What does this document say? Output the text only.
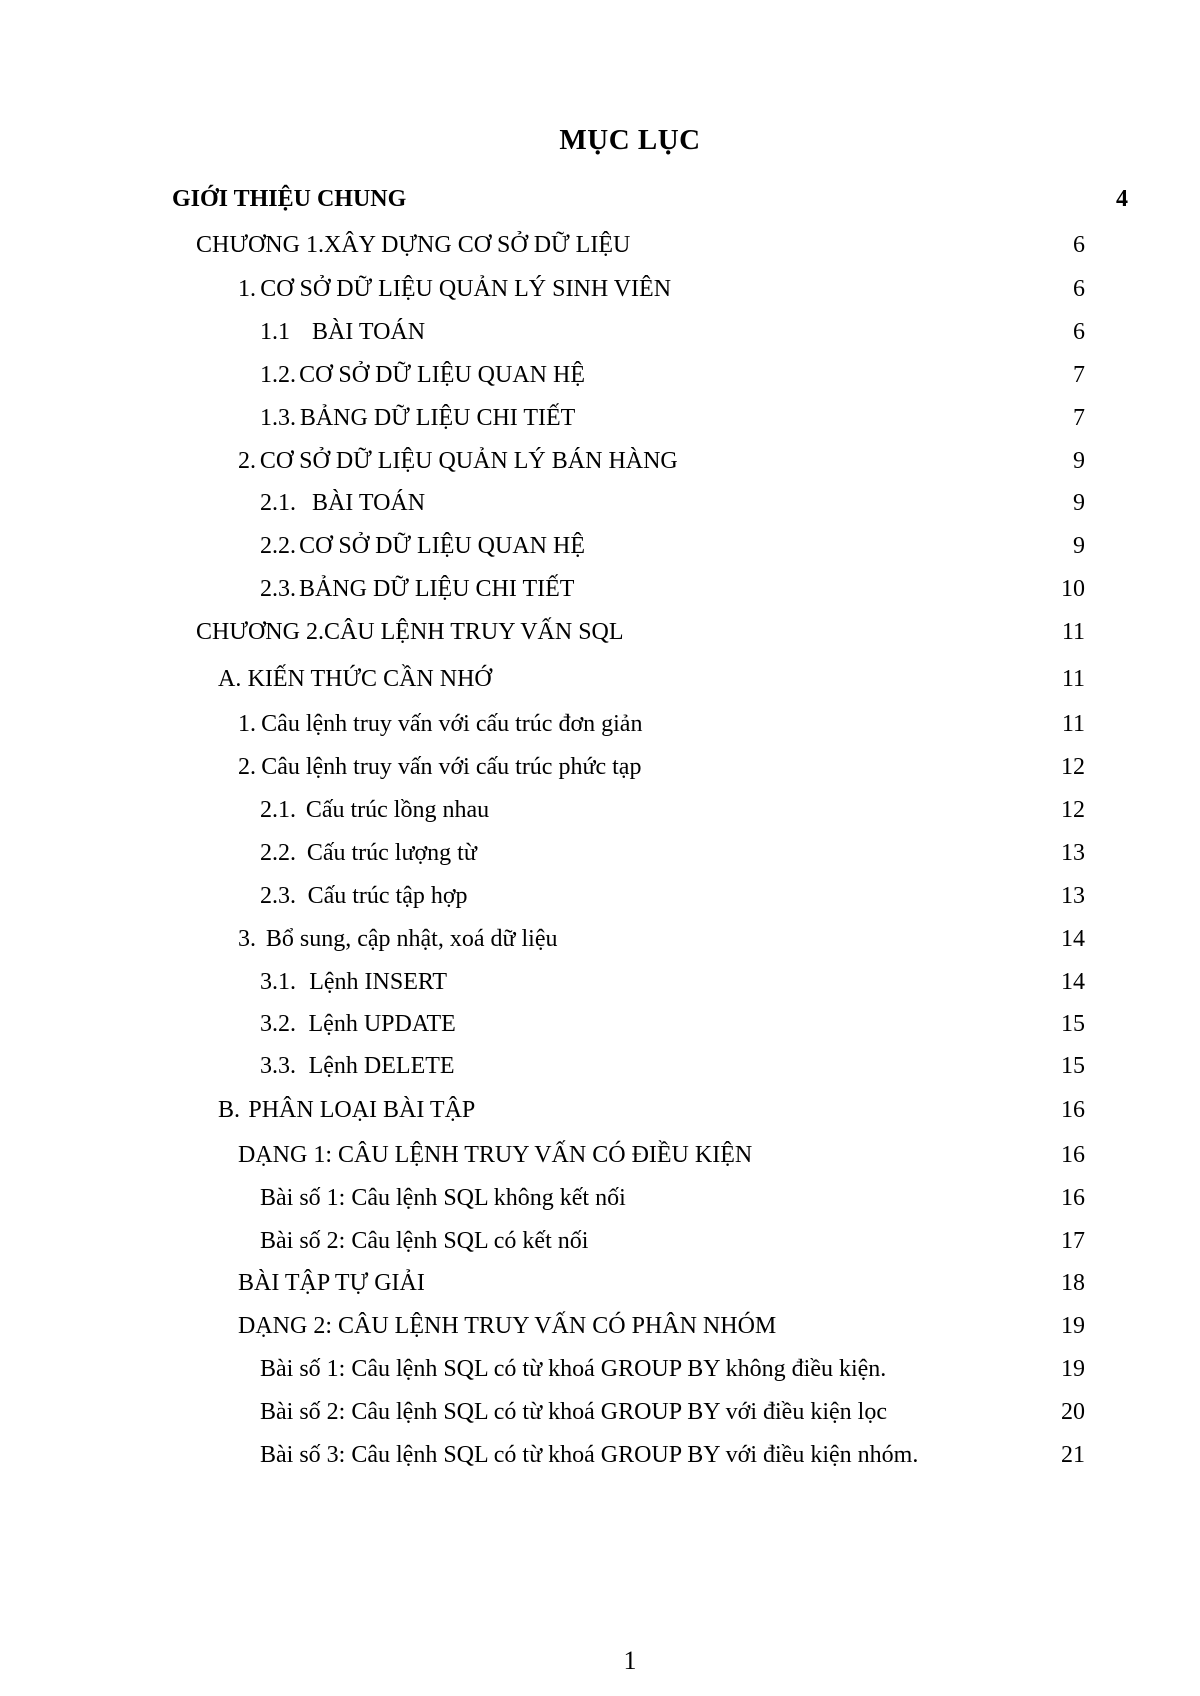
MỤC LỤC
GIỚI THIỆU CHUNG . . .	4
CHƯƠNG 1. XÂY DỰNG CƠ SỞ DỮ LIỆU . . .	6
1. CƠ SỞ DỮ LIỆU QUẢN LÝ SINH VIÊN . . .	6
1.1 BÀI TOÁN . . .	6
1.2. CƠ SỞ DỮ LIỆU QUAN HỆ . . .	7
1.3. BẢNG DỮ LIỆU CHI TIẾT . . .	7
2. CƠ SỞ DỮ LIỆU QUẢN LÝ BÁN HÀNG . . .	9
2.1. BÀI TOÁN . . .	9
2.2. CƠ SỞ DỮ LIỆU QUAN HỆ . . .	9
2.3. BẢNG DỮ LIỆU CHI TIẾT . . .	10
CHƯƠNG 2. CÂU LỆNH TRUY VẤN SQL . . .	11
A. KIẾN THỨC CẦN NHỚ . . .	11
1. Câu lệnh truy vấn với cấu trúc đơn giản . . .	11
2. Câu lệnh truy vấn với cấu trúc phức tạp . . .	12
2.1. Cấu trúc lồng nhau . . .	12
2.2. Cấu trúc lượng từ . . .	13
2.3. Cấu trúc tập hợp . . .	13
3. Bổ sung, cập nhật, xoá dữ liệu . . .	14
3.1. Lệnh INSERT . . .	14
3.2. Lệnh UPDATE . . .	15
3.3. Lệnh DELETE . . .	15
B. PHÂN LOẠI BÀI TẬP . . .	16
DẠNG 1: CÂU LỆNH TRUY VẤN CÓ ĐIỀU KIỆN . . .	16
Bài số 1: Câu lệnh SQL không kết nối . . .	16
Bài số 2: Câu lệnh SQL có kết nối . . .	17
BÀI TẬP TỰ GIẢI . . .	18
DẠNG 2: CÂU LỆNH TRUY VẤN CÓ PHÂN NHÓM . . .	19
Bài số 1: Câu lệnh SQL có từ khoá GROUP BY không điều kiện. . . .	19
Bài số 2: Câu lệnh SQL có từ khoá GROUP BY với điều kiện lọc . . .	20
Bài số 3: Câu lệnh SQL có từ khoá GROUP BY với điều kiện nhóm. . . .	21
1
